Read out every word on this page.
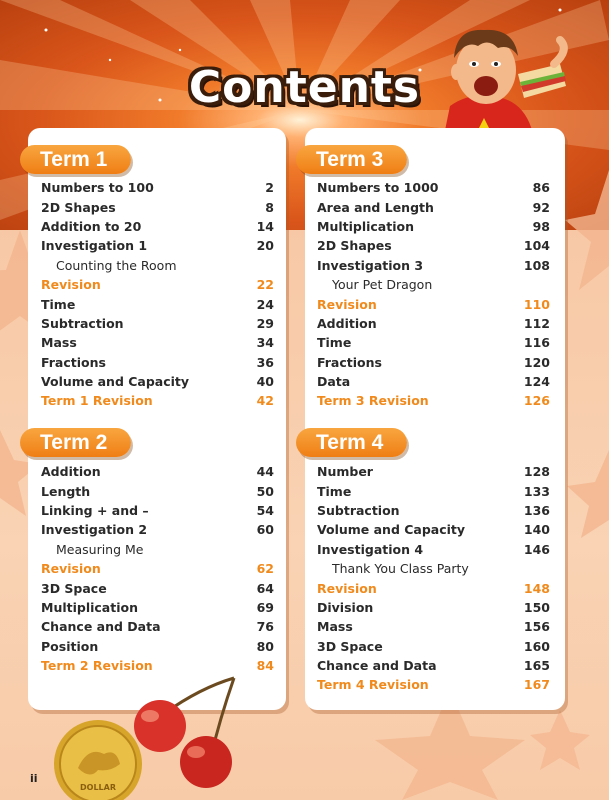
Contents
Term 1
Numbers to 100	2
2D Shapes	8
Addition to 20	14
Investigation 1	20
Counting the Room
Revision	22
Time	24
Subtraction	29
Mass	34
Fractions	36
Volume and Capacity	40
Term 1 Revision	42
Term 2
Addition	44
Length	50
Linking + and –	54
Investigation 2	60
Measuring Me
Revision	62
3D Space	64
Multiplication	69
Chance and Data	76
Position	80
Term 2 Revision	84
Term 3
Numbers to 1000	86
Area and Length	92
Multiplication	98
2D Shapes	104
Investigation 3	108
Your Pet Dragon
Revision	110
Addition	112
Time	116
Fractions	120
Data	124
Term 3 Revision	126
Term 4
Number	128
Time	133
Subtraction	136
Volume and Capacity	140
Investigation 4	146
Thank You Class Party
Revision	148
Division	150
Mass	156
3D Space	160
Chance and Data	165
Term 4 Revision	167
DOLLAR
ii
